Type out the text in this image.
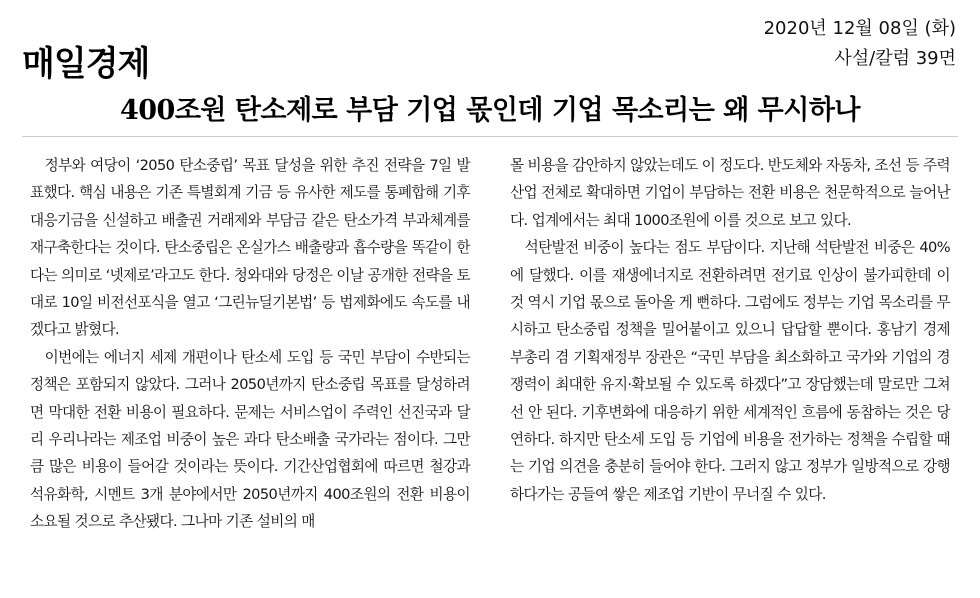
매일경제
2020년 12월 08일 (화)
사설/칼럼 39면
400조원 탄소제로 부담 기업 몫인데 기업 목소리는 왜 무시하나

정부와 여당이 ‘2050 탄소중립’ 목표 달성을 위한 추진 전략을 7일 발표했다. 핵심 내용은 기존 특별회계 기금 등 유사한 제도를 통폐합해 기후대응기금을 신설하고 배출권 거래제와 부담금 같은 탄소가격 부과체계를 재구축한다는 것이다. 탄소중립은 온실가스 배출량과 흡수량을 똑같이 한다는 의미로 ‘넷제로’라고도 한다. 청와대와 당정은 이날 공개한 전략을 토대로 10일 비전선포식을 열고 ‘그린뉴딜기본법’ 등 법제화에도 속도를 내겠다고 밝혔다.

이번에는 에너지 세제 개편이나 탄소세 도입 등 국민 부담이 수반되는 정책은 포함되지 않았다. 그러나 2050년까지 탄소중립 목표를 달성하려면 막대한 전환 비용이 필요하다. 문제는 서비스업이 주력인 선진국과 달리 우리나라는 제조업 비중이 높은 과다 탄소배출 국가라는 점이다. 그만큼 많은 비용이 들어갈 것이라는 뜻이다. 기간산업협회에 따르면 철강과 석유화학, 시멘트 3개 분야에서만 2050년까지 400조원의 전환 비용이 소요될 것으로 추산됐다. 그나마 기존 설비의 매

몰 비용을 감안하지 않았는데도 이 정도다. 반도체와 자동차, 조선 등 주력 산업 전체로 확대하면 기업이 부담하는 전환 비용은 천문학적으로 늘어난다. 업계에서는 최대 1000조원에 이를 것으로 보고 있다.

석탄발전 비중이 높다는 점도 부담이다. 지난해 석탄발전 비중은 40%에 달했다. 이를 재생에너지로 전환하려면 전기료 인상이 불가피한데 이것 역시 기업 몫으로 돌아올 게 뻔하다. 그럼에도 정부는 기업 목소리를 무시하고 탄소중립 정책을 밀어붙이고 있으니 답답할 뿐이다. 홍남기 경제부총리 겸 기획재정부 장관은 “국민 부담을 최소화하고 국가와 기업의 경쟁력이 최대한 유지·확보될 수 있도록 하겠다”고 장담했는데 말로만 그쳐선 안 된다. 기후변화에 대응하기 위한 세계적인 흐름에 동참하는 것은 당연하다. 하지만 탄소세 도입 등 기업에 비용을 전가하는 정책을 수립할 때는 기업 의견을 충분히 들어야 한다. 그러지 않고 정부가 일방적으로 강행하다가는 공들여 쌓은 제조업 기반이 무너질 수 있다.
